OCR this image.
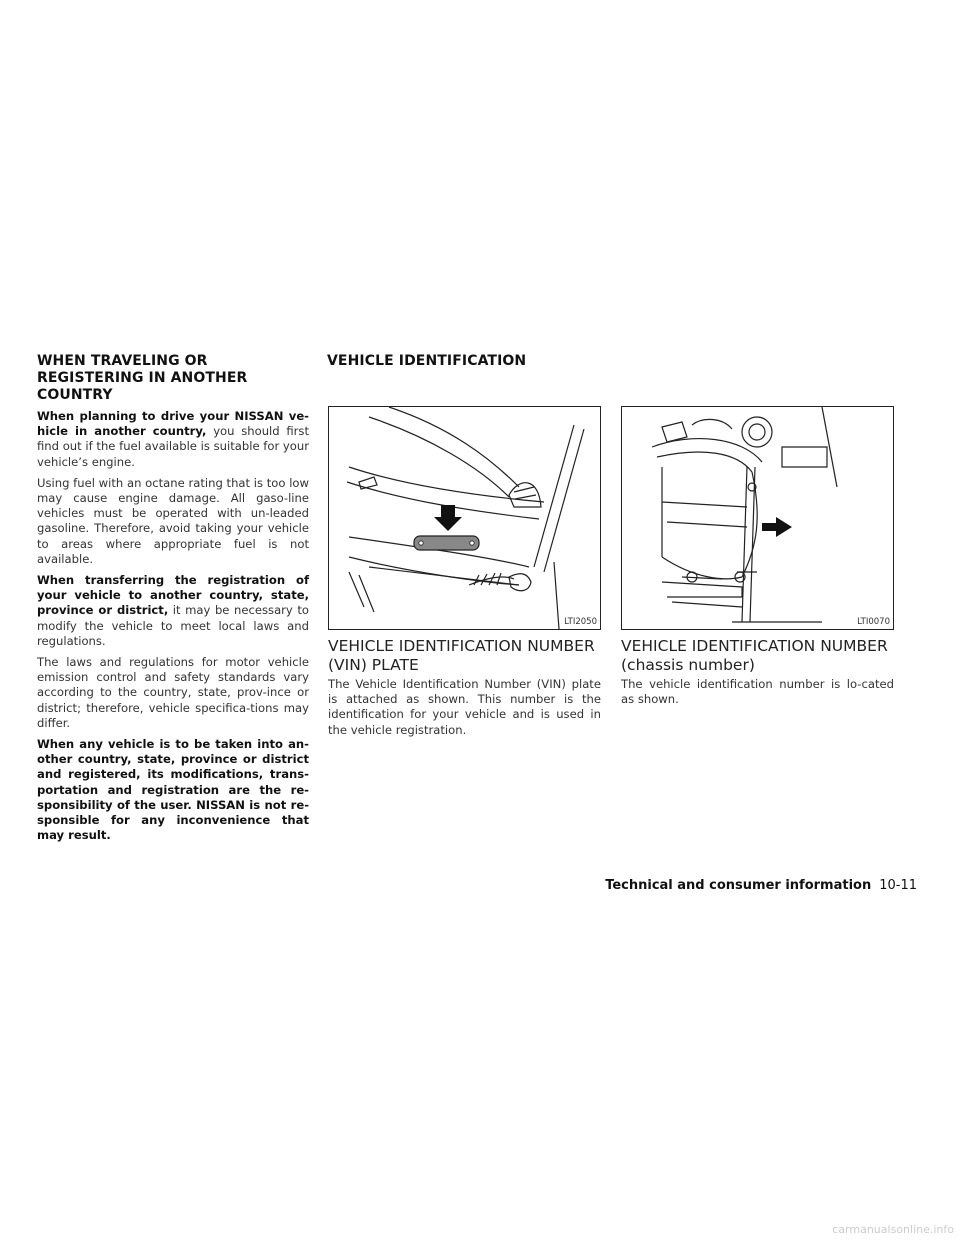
WHEN TRAVELING OR REGISTERING IN ANOTHER COUNTRY
VEHICLE IDENTIFICATION

When planning to drive your NISSAN ve-hicle in another country, you should first find out if the fuel available is suitable for your vehicle’s engine.

Using fuel with an octane rating that is too low may cause engine damage. All gaso-line vehicles must be operated with un-leaded gasoline. Therefore, avoid taking your vehicle to areas where appropriate fuel is not available.

When transferring the registration of your vehicle to another country, state, province or district, it may be necessary to modify the vehicle to meet local laws and regulations.

The laws and regulations for motor vehicle emission control and safety standards vary according to the country, state, prov-ince or district; therefore, vehicle specifica-tions may differ.

When any vehicle is to be taken into an-other country, state, province or district and registered, its modifications, trans-portation and registration are the re-sponsibility of the user. NISSAN is not re-sponsible for any inconvenience that may result.

LTI2050	LTI0070
VEHICLE IDENTIFICATION NUMBER (VIN) PLATE
VEHICLE IDENTIFICATION NUMBER (chassis number)
The Vehicle Identification Number (VIN) plate is attached as shown. This number is the identification for your vehicle and is used in the vehicle registration.
The vehicle identification number is lo-cated as shown.
Technical and consumer information 10-11
carmanualsonline.info
